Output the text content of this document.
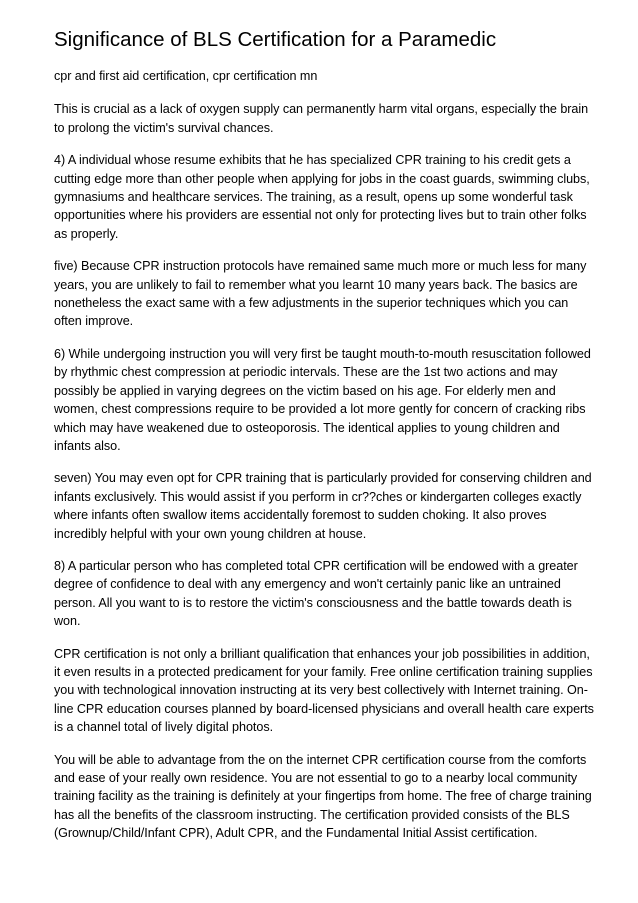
Significance of BLS Certification for a Paramedic

cpr and first aid certification, cpr certification mn

This is crucial as a lack of oxygen supply can permanently harm vital organs, especially the brain to prolong the victim's survival chances.

4) A individual whose resume exhibits that he has specialized CPR training to his credit gets a cutting edge more than other people when applying for jobs in the coast guards, swimming clubs, gymnasiums and healthcare services. The training, as a result, opens up some wonderful task opportunities where his providers are essential not only for protecting lives but to train other folks as properly.

five) Because CPR instruction protocols have remained same much more or much less for many years, you are unlikely to fail to remember what you learnt 10 many years back. The basics are nonetheless the exact same with a few adjustments in the superior techniques which you can often improve.

6) While undergoing instruction you will very first be taught mouth-to-mouth resuscitation followed by rhythmic chest compression at periodic intervals. These are the 1st two actions and may possibly be applied in varying degrees on the victim based on his age. For elderly men and women, chest compressions require to be provided a lot more gently for concern of cracking ribs which may have weakened due to osteoporosis. The identical applies to young children and infants also.

seven) You may even opt for CPR training that is particularly provided for conserving children and infants exclusively. This would assist if you perform in cr??ches or kindergarten colleges exactly where infants often swallow items accidentally foremost to sudden choking. It also proves incredibly helpful with your own young children at house.

8) A particular person who has completed total CPR certification will be endowed with a greater degree of confidence to deal with any emergency and won't certainly panic like an untrained person. All you want to is to restore the victim's consciousness and the battle towards death is won.

CPR certification is not only a brilliant qualification that enhances your job possibilities in addition, it even results in a protected predicament for your family. Free online certification training supplies you with technological innovation instructing at its very best collectively with Internet training. On-line CPR education courses planned by board-licensed physicians and overall health care experts is a channel total of lively digital photos.

You will be able to advantage from the on the internet CPR certification course from the comforts and ease of your really own residence. You are not essential to go to a nearby local community training facility as the training is definitely at your fingertips from home. The free of charge training has all the benefits of the classroom instructing. The certification provided consists of the BLS (Grownup/Child/Infant CPR), Adult CPR, and the Fundamental Initial Assist certification.
